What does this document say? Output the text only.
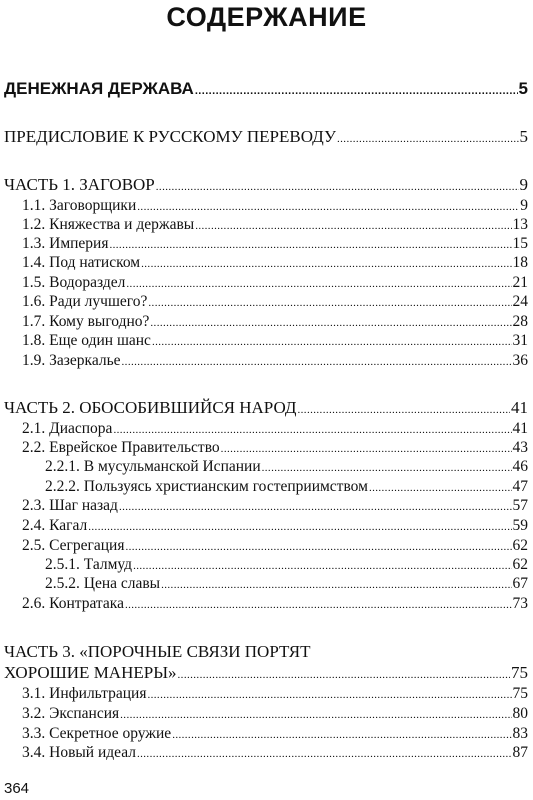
СОДЕРЖАНИЕ
ДЕНЕЖНАЯ ДЕРЖАВА .....	5
ПРЕДИСЛОВИЕ К РУССКОМУ ПЕРЕВОДУ .....	5
ЧАСТЬ 1. ЗАГОВОР .....	9
1.1. Заговорщики .....	9
1.2. Княжества и державы .....	13
1.3. Империя .....	15
1.4. Под натиском .....	18
1.5. Водораздел .....	21
1.6. Ради лучшего? .....	24
1.7. Кому выгодно? .....	28
1.8. Еще один шанс .....	31
1.9. Зазеркалье .....	36
ЧАСТЬ 2. ОБОСОБИВШИЙСЯ НАРОД .....	41
2.1. Диаспора .....	41
2.2. Еврейское Правительство .....	43
2.2.1. В мусульманской Испании .....	46
2.2.2. Пользуясь христианским гостеприимством .....	47
2.3. Шаг назад .....	57
2.4. Кагал .....	59
2.5. Сегрегация .....	62
2.5.1. Талмуд .....	62
2.5.2. Цена славы .....	67
2.6. Контратака .....	73
ЧАСТЬ 3. «ПОРОЧНЫЕ СВЯЗИ ПОРТЯТ
ХОРОШИЕ МАНЕРЫ» .....	75
3.1. Инфильтрация .....	75
3.2. Экспансия .....	80
3.3. Секретное оружие .....	83
3.4. Новый идеал .....	87
364
